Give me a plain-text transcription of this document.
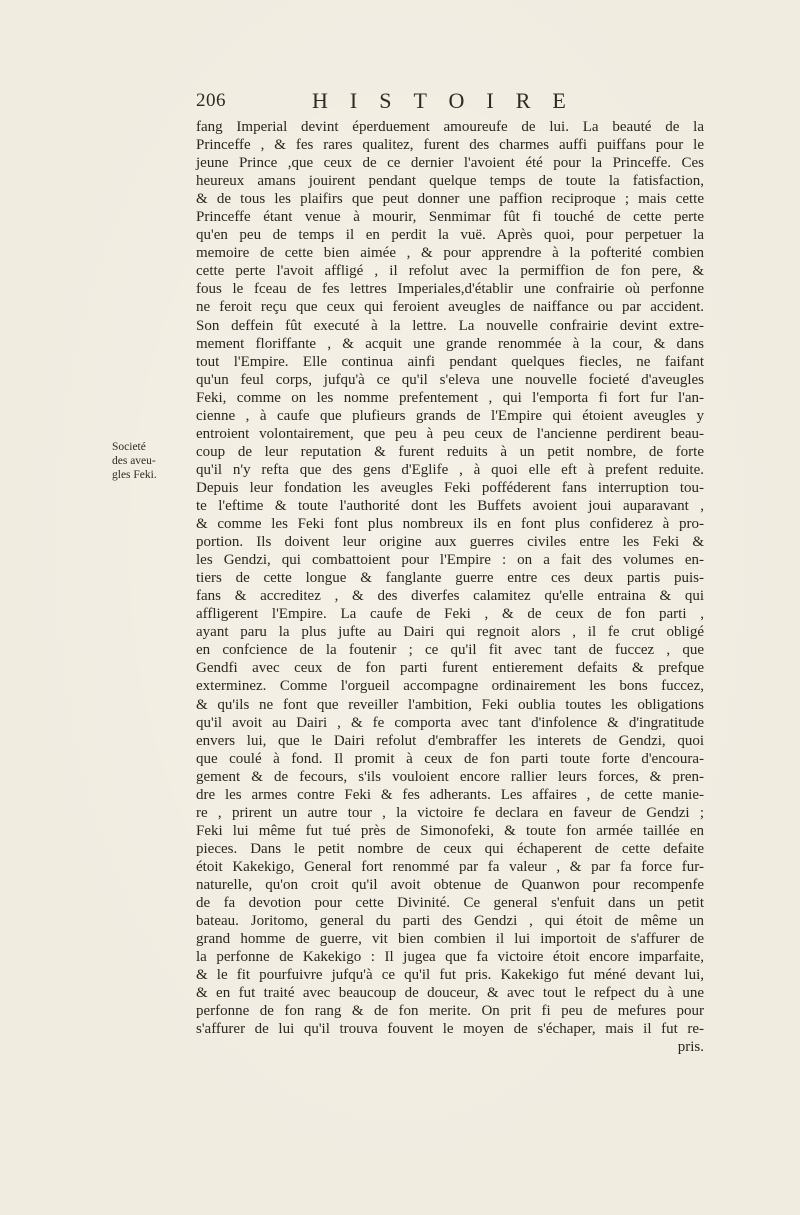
206	HISTOIRE
Societé
des aveu-
gles Feki.
fang Imperial devint éperduement amoureufe de lui. La beauté de la
Princeffe , & fes rares qualitez, furent des charmes auffi puiffans pour le
jeune Prince ,que ceux de ce dernier l'avoient été pour la Princeffe. Ces
heureux amans jouirent pendant quelque temps de toute la fatisfaction,
& de tous les plaifirs que peut donner une paffion reciproque ; mais cette
Princeffe étant venue à mourir, Senmimar fût fi touché de cette perte
qu'en peu de temps il en perdit la vuë. Après quoi, pour perpetuer la
memoire de cette bien aimée , & pour apprendre à la pofterité combien
cette perte l'avoit affligé , il refolut avec la permiffion de fon pere, &
fous le fceau de fes lettres Imperiales,d'établir une confrairie où perfonne
ne feroit reçu que ceux qui feroient aveugles de naiffance ou par accident.
Son deffein fût executé à la lettre. La nouvelle confrairie devint extre-
mement floriffante , & acquit une grande renommée à la cour, & dans
tout l'Empire. Elle continua ainfi pendant quelques fiecles, ne faifant
qu'un feul corps, jufqu'à ce qu'il s'eleva une nouvelle focieté d'aveugles
Feki, comme on les nomme prefentement , qui l'emporta fi fort fur l'an-
cienne , à caufe que plufieurs grands de l'Empire qui étoient aveugles y
entroient volontairement, que peu à peu ceux de l'ancienne perdirent beau-
coup de leur reputation & furent reduits à un petit nombre, de forte
qu'il n'y refta que des gens d'Eglife , à quoi elle eft à prefent reduite.
Depuis leur fondation les aveugles Feki pofféderent fans interruption tou-
te l'eftime & toute l'authorité dont les Buffets avoient joui auparavant ,
& comme les Feki font plus nombreux ils en font plus confiderez à pro-
portion. Ils doivent leur origine aux guerres civiles entre les Feki &
les Gendzi, qui combattoient pour l'Empire : on a fait des volumes en-
tiers de cette longue & fanglante guerre entre ces deux partis puis-
fans & accreditez , & des diverfes calamitez qu'elle entraina & qui
affligerent l'Empire. La caufe de Feki , & de ceux de fon parti ,
ayant paru la plus jufte au Dairi qui regnoit alors , il fe crut obligé
en confcience de la foutenir ; ce qu'il fit avec tant de fuccez , que
Gendfi avec ceux de fon parti furent entierement defaits & prefque
exterminez. Comme l'orgueil accompagne ordinairement les bons fuccez,
& qu'ils ne font que reveiller l'ambition, Feki oublia toutes les obligations
qu'il avoit au Dairi , & fe comporta avec tant d'infolence & d'ingratitude
envers lui, que le Dairi refolut d'embraffer les interets de Gendzi, quoi
que coulé à fond. Il promit à ceux de fon parti toute forte d'encoura-
gement & de fecours, s'ils vouloient encore rallier leurs forces, & pren-
dre les armes contre Feki & fes adherants. Les affaires , de cette manie-
re , prirent un autre tour , la victoire fe declara en faveur de Gendzi ;
Feki lui même fut tué près de Simonofeki, & toute fon armée taillée en
pieces. Dans le petit nombre de ceux qui échaperent de cette defaite
étoit Kakekigo, General fort renommé par fa valeur , & par fa force fur-
naturelle, qu'on croit qu'il avoit obtenue de Quanwon pour recompenfe
de fa devotion pour cette Divinité. Ce general s'enfuit dans un petit
bateau. Joritomo, general du parti des Gendzi , qui étoit de même un
grand homme de guerre, vit bien combien il lui importoit de s'affurer de
la perfonne de Kakekigo : Il jugea que fa victoire étoit encore imparfaite,
& le fit pourfuivre jufqu'à ce qu'il fut pris. Kakekigo fut méné devant lui,
& en fut traité avec beaucoup de douceur, & avec tout le refpect du à une
perfonne de fon rang & de fon merite. On prit fi peu de mefures pour
s'affurer de lui qu'il trouva fouvent le moyen de s'échaper, mais il fut re-
pris.
